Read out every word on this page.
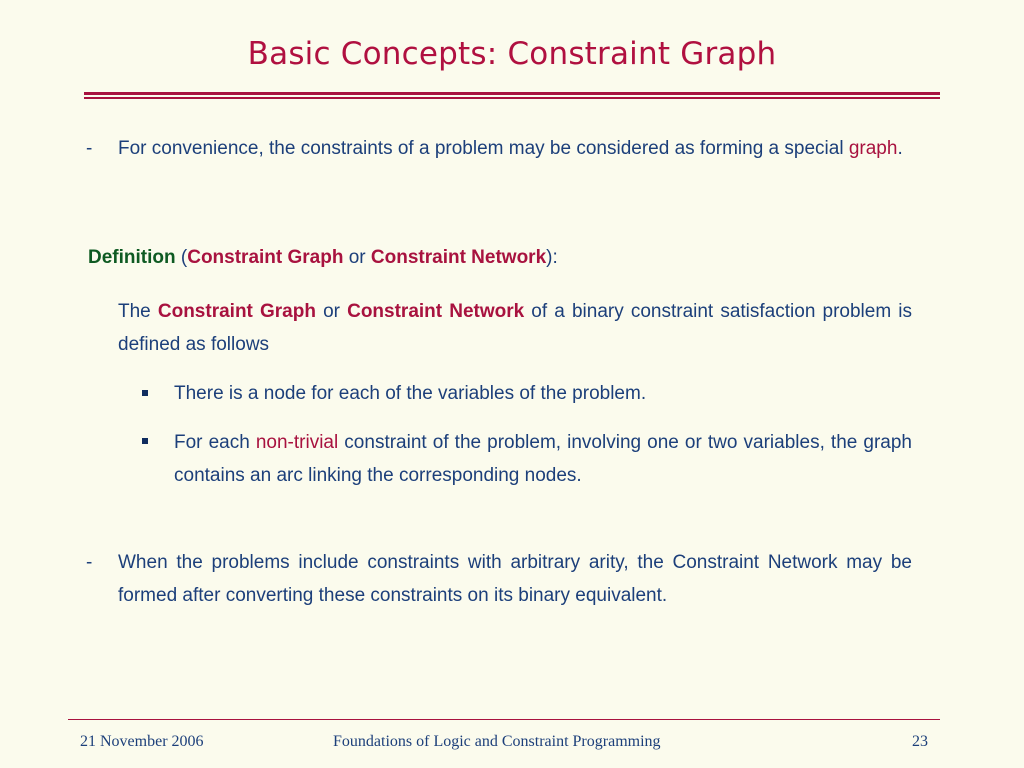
Basic Concepts: Constraint Graph
- For convenience, the constraints of a problem may be considered as forming a special graph.
Definition (Constraint Graph or Constraint Network):
The Constraint Graph or Constraint Network of a binary constraint satisfaction problem is defined as follows
There is a node for each of the variables of the problem.
For each non-trivial constraint of the problem, involving one or two variables, the graph contains an arc linking the corresponding nodes.
- When the problems include constraints with arbitrary arity, the Constraint Network may be formed after converting these constraints on its binary equivalent.
21 November 2006	Foundations of Logic and Constraint Programming	23
